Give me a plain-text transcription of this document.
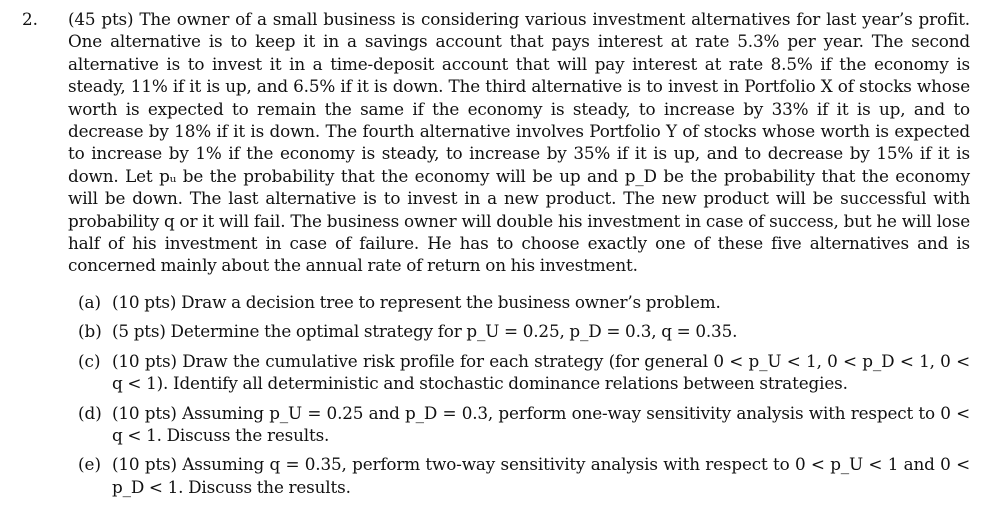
2.	(45 pts) The owner of a small business is considering various investment alternatives for last year’s profit. One alternative is to keep it in a savings account that pays interest at rate 5.3% per year. The second alternative is to invest it in a time-deposit account that will pay interest at rate 8.5% if the economy is steady, 11% if it is up, and 6.5% if it is down. The third alternative is to invest in Portfolio X of stocks whose worth is expected to remain the same if the economy is steady, to increase by 33% if it is up, and to decrease by 18% if it is down. The fourth alternative involves Portfolio Y of stocks whose worth is expected to increase by 1% if the economy is steady, to increase by 35% if it is up, and to decrease by 15% if it is down. Let pᵤ be the probability that the economy will be up and p_D be the probability that the economy will be down. The last alternative is to invest in a new product. The new product will be successful with probability q or it will fail. The business owner will double his investment in case of success, but he will lose half of his investment in case of failure. He has to choose exactly one of these five alternatives and is concerned mainly about the annual rate of return on his investment.
(a) (10 pts) Draw a decision tree to represent the business owner’s problem.
(b) (5 pts) Determine the optimal strategy for p_U = 0.25, p_D = 0.3, q = 0.35.
(c) (10 pts) Draw the cumulative risk profile for each strategy (for general 0 < p_U < 1, 0 < p_D < 1, 0 < q < 1). Identify all deterministic and stochastic dominance relations between strategies.
(d) (10 pts) Assuming p_U = 0.25 and p_D = 0.3, perform one-way sensitivity analysis with respect to 0 < q < 1. Discuss the results.
(e) (10 pts) Assuming q = 0.35, perform two-way sensitivity analysis with respect to 0 < p_U < 1 and 0 < p_D < 1. Discuss the results.
